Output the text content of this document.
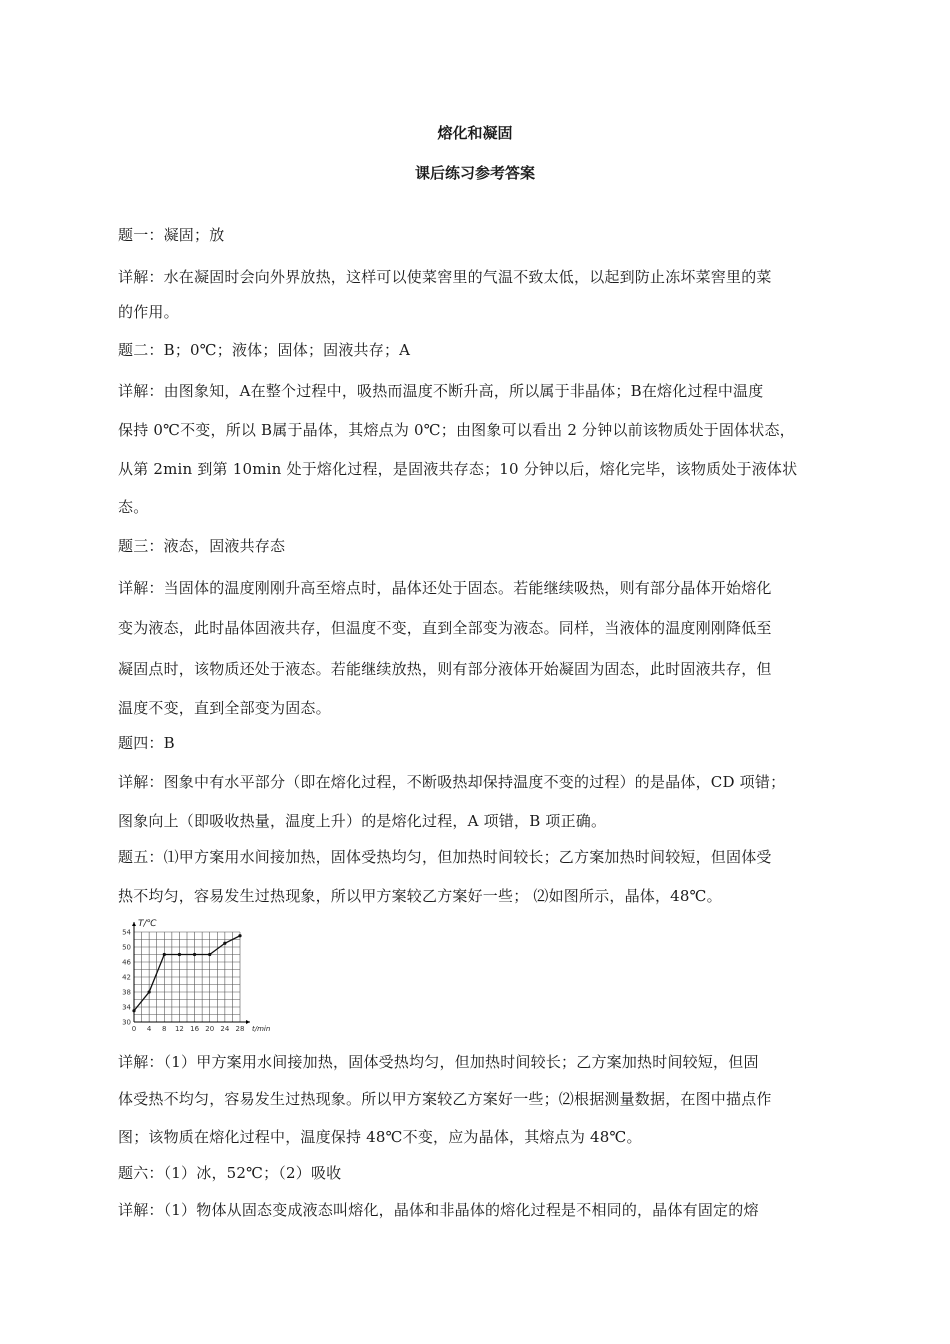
熔化和凝固
课后练习参考答案
题一：凝固；放
详解：水在凝固时会向外界放热，这样可以使菜窖里的气温不致太低，以起到防止冻坏菜窖里的菜
的作用。
题二：B；0℃；液体；固体；固液共存；A
详解：由图象知，A在整个过程中，吸热而温度不断升高，所以属于非晶体；B在熔化过程中温度
保持 0℃不变，所以 B属于晶体，其熔点为 0℃；由图象可以看出 2 分钟以前该物质处于固体状态，
从第 2min 到第 10min 处于熔化过程，是固液共存态；10 分钟以后，熔化完毕，该物质处于液体状
态。
题三：液态，固液共存态
详解：当固体的温度刚刚升高至熔点时，晶体还处于固态。若能继续吸热，则有部分晶体开始熔化
变为液态，此时晶体固液共存，但温度不变，直到全部变为液态。同样，当液体的温度刚刚降低至
凝固点时，该物质还处于液态。若能继续放热，则有部分液体开始凝固为固态，此时固液共存，但
温度不变，直到全部变为固态。
题四：B
详解：图象中有水平部分（即在熔化过程，不断吸热却保持温度不变的过程）的是晶体，CD 项错；
图象向上（即吸收热量，温度上升）的是熔化过程，A 项错，B 项正确。
题五：⑴甲方案用水间接加热，固体受热均匀，但加热时间较长；乙方案加热时间较短，但固体受
热不均匀，容易发生过热现象，所以甲方案较乙方案好一些； ⑵如图所示，晶体，48℃。
0 4 8 12 16 20 24 28
30
34
38
42
46
50
54
T/℃
t/min
详解：（1）甲方案用水间接加热，固体受热均匀，但加热时间较长；乙方案加热时间较短，但固
体受热不均匀，容易发生过热现象。所以甲方案较乙方案好一些；⑵根据测量数据，在图中描点作
图；该物质在熔化过程中，温度保持 48℃不变，应为晶体，其熔点为 48℃。
题六：（1）冰，52℃；（2）吸收
详解：（1）物体从固态变成液态叫熔化，晶体和非晶体的熔化过程是不相同的，晶体有固定的熔
